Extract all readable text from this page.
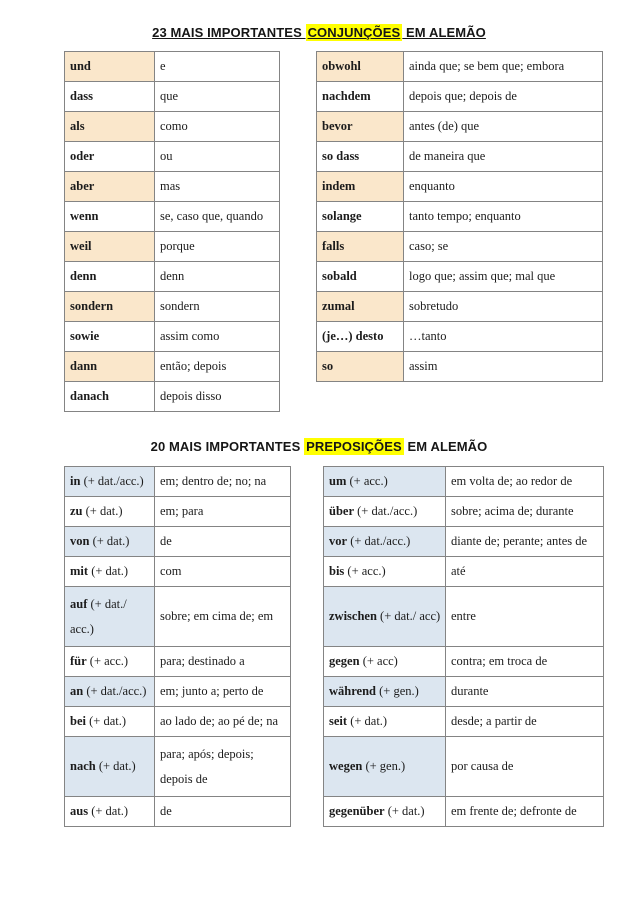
23 MAIS IMPORTANTES CONJUNÇÕES EM ALEMÃO
und	e
dass	que
als	como
oder	ou
aber	mas
wenn	se, caso que, quando
weil	porque
denn	denn
sondern	sondern
sowie	assim como
dann	então; depois
danach	depois disso
obwohl	ainda que; se bem que; embora
nachdem	depois que; depois de
bevor	antes (de) que
so dass	de maneira que
indem	enquanto
solange	tanto tempo; enquanto
falls	caso; se
sobald	logo que; assim que; mal que
zumal	sobretudo
(je…) desto	…tanto
so	assim
20 MAIS IMPORTANTES PREPOSIÇÕES EM ALEMÃO
in (+ dat./acc.)	em; dentro de; no; na
zu (+ dat.)	em; para
von (+ dat.)	de
mit (+ dat.)	com
auf (+ dat./ acc.)	sobre; em cima de; em
für (+ acc.)	para; destinado a
an (+ dat./acc.)	em; junto a; perto de
bei (+ dat.)	ao lado de; ao pé de; na
nach (+ dat.)	para; após; depois; depois de
aus (+ dat.)	de
um (+ acc.)	em volta de; ao redor de
über (+ dat./acc.)	sobre; acima de; durante
vor (+ dat./acc.)	diante de; perante; antes de
bis (+ acc.)	até
zwischen (+ dat./ acc)	entre
gegen (+ acc)	contra; em troca de
während (+ gen.)	durante
seit (+ dat.)	desde; a partir de
wegen (+ gen.)	por causa de
gegenüber (+ dat.)	em frente de; defronte de
